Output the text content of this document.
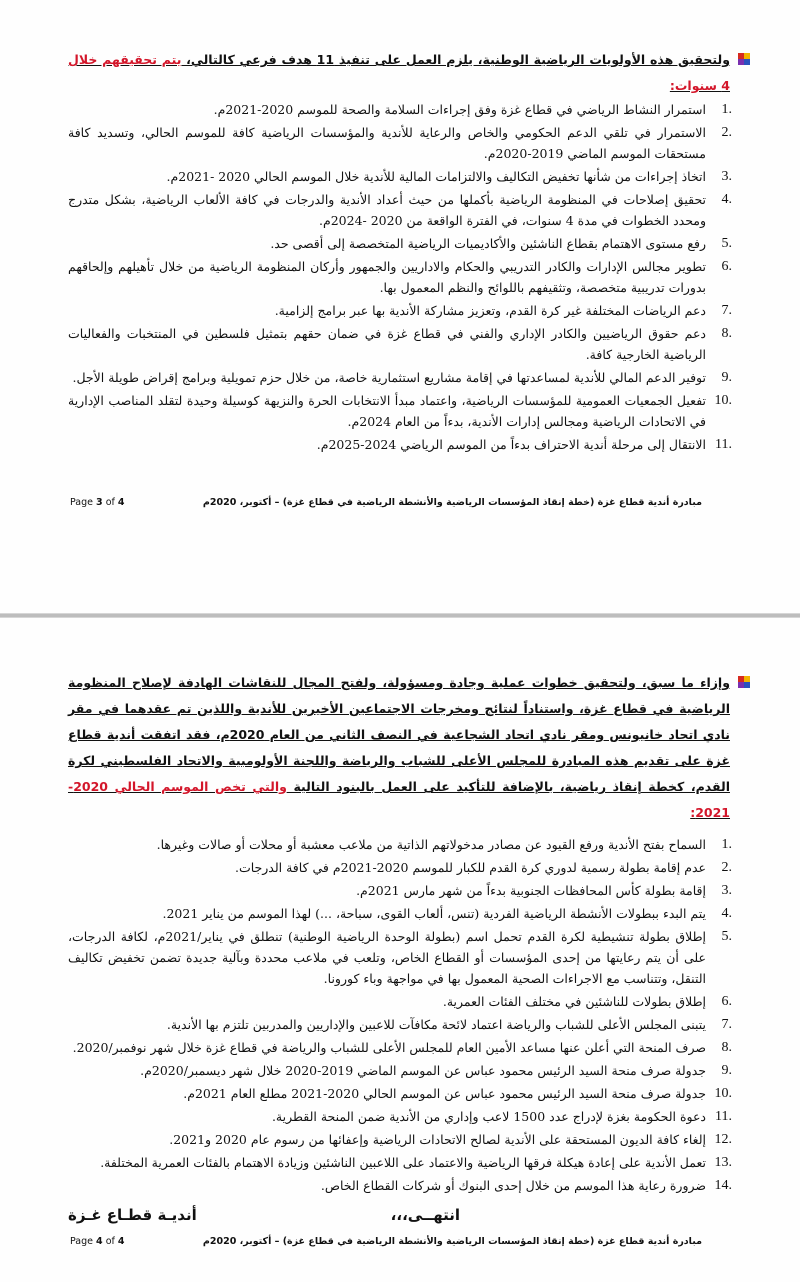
ولتحقيق هذه الأولويات الرياضية الوطنية، يلزم العمل على تنفيذ 11 هدف فرعي كالتالي، يتم تحقيقهم خلال 4 سنوات:
1.
استمرار النشاط الرياضي في قطاع غزة وفق إجراءات السلامة والصحة للموسم 2020-2021م.
2.
الاستمرار في تلقي الدعم الحكومي والخاص والرعاية للأندية والمؤسسات الرياضية كافة للموسم الحالي، وتسديد كافة مستحقات الموسم الماضي 2019-2020م.
3.
اتخاذ إجراءات من شأنها تخفيض التكاليف والالتزامات المالية للأندية خلال الموسم الحالي 2020 -2021م.
4.
تحقيق إصلاحات في المنظومة الرياضية بأكملها من حيث أعداد الأندية والدرجات في كافة الألعاب الرياضية، بشكل متدرج ومحدد الخطوات في مدة 4 سنوات، في الفترة الواقعة من 2020 -2024م.
5.
رفع مستوى الاهتمام بقطاع الناشئين والأكاديميات الرياضية المتخصصة إلى أقصى حد.
6.
تطوير مجالس الإدارات والكادر التدريبي والحكام والاداريين والجمهور وأركان المنظومة الرياضية من خلال تأهيلهم وإلحاقهم بدورات تدريبية متخصصة، وتثقيفهم باللوائح والنظم المعمول بها.
7.
دعم الرياضات المختلفة غير كرة القدم، وتعزيز مشاركة الأندية بها عبر برامج إلزامية.
8.
دعم حقوق الرياضيين والكادر الإداري والفني في قطاع غزة في ضمان حقهم بتمثيل فلسطين في المنتخبات والفعاليات الرياضية الخارجية كافة.
9.
توفير الدعم المالي للأندية لمساعدتها في إقامة مشاريع استثمارية خاصة، من خلال حزم تمويلية وبرامج إقراض طويلة الأجل.
10.
تفعيل الجمعيات العمومية للمؤسسات الرياضية، واعتماد مبدأ الانتخابات الحرة والنزيهة كوسيلة وحيدة لتقلد المناصب الإدارية في الاتحادات الرياضية ومجالس إدارات الأندية، بدءاً من العام 2024م.
11.
الانتقال إلى مرحلة أندية الاحتراف بدءاً من الموسم الرياضي 2024-2025م.
Page 3 of 4	مبادرة أندية قطاع غزة (خطة إنقاذ المؤسسات الرياضية والأنشطة الرياضية في قطاع غزة) – أكتوبر، 2020م
وإزاء ما سبق، ولتحقيق خطوات عملية وجادة ومسؤولة، ولفتح المجال للنقاشات الهادفة لإصلاح المنظومة الرياضية في قطاع غزة، واستناداً لنتائج ومخرجات الاجتماعين الأخيرين للأندية واللذين تم عقدهما في مقر نادي اتحاد خانيونس ومقر نادي اتحاد الشجاعية في النصف الثاني من العام 2020م، فقد اتفقت أندية قطاع غزة على تقديم هذه المبادرة للمجلس الأعلى للشباب والرياضة واللجنة الأولومبية والاتحاد الفلسطيني لكرة القدم، كخطة إنقاذ رياضية، بالإضافة للتأكيد على العمل بالبنود التالية والتي تخص الموسم الحالي 2020-2021:
1.
السماح بفتح الأندية ورفع القيود عن مصادر مدخولاتهم الذاتية من ملاعب معشبة أو محلات أو صالات وغيرها.
2.
عدم إقامة بطولة رسمية لدوري كرة القدم للكبار للموسم 2020-2021م في كافة الدرجات.
3.
إقامة بطولة كأس المحافظات الجنوبية بدءاً من شهر مارس 2021م.
4.
يتم البدء ببطولات الأنشطة الرياضية الفردية (تنس، ألعاب القوى، سباحة، ...) لهذا الموسم من يناير 2021.
5.
إطلاق بطولة تنشيطية لكرة القدم تحمل اسم (بطولة الوحدة الرياضية الوطنية) تنطلق في يناير/2021م، لكافة الدرجات، على أن يتم رعايتها من إحدى المؤسسات أو القطاع الخاص، وتلعب في ملاعب محددة وبآلية جديدة تضمن تخفيض تكاليف التنقل، وتتناسب مع الاجراءات الصحية المعمول بها في مواجهة وباء كورونا.
6.
إطلاق بطولات للناشئين في مختلف الفئات العمرية.
7.
يتبنى المجلس الأعلى للشباب والرياضة اعتماد لائحة مكافآت للاعبين والإداريين والمدربين تلتزم بها الأندية.
8.
صرف المنحة التي أعلن عنها مساعد الأمين العام للمجلس الأعلى للشباب والرياضة في قطاع غزة خلال شهر نوفمبر/2020.
9.
جدولة صرف منحة السيد الرئيس محمود عباس عن الموسم الماضي 2019-2020 خلال شهر ديسمبر/2020م.
10.
جدولة صرف منحة السيد الرئيس محمود عباس عن الموسم الحالي 2020-2021 مطلع العام 2021م.
11.
دعوة الحكومة بغزة لإدراج عدد 1500 لاعب وإداري من الأندية ضمن المنحة القطرية.
12.
إلغاء كافة الديون المستحقة على الأندية لصالح الاتحادات الرياضية وإعفائها من رسوم عام 2020 و2021.
13.
تعمل الأندية على إعادة هيكلة فرقها الرياضية والاعتماد على اللاعبين الناشئين وزيادة الاهتمام بالفئات العمرية المختلفة.
14.
ضرورة رعاية هذا الموسم من خلال إحدى البنوك أو شركات القطاع الخاص.
انتهــى،،،
أنديـة قطـاع غـزة
Page 4 of 4	مبادرة أندية قطاع غزة (خطة إنقاذ المؤسسات الرياضية والأنشطة الرياضية في قطاع غزة) – أكتوبر، 2020م
